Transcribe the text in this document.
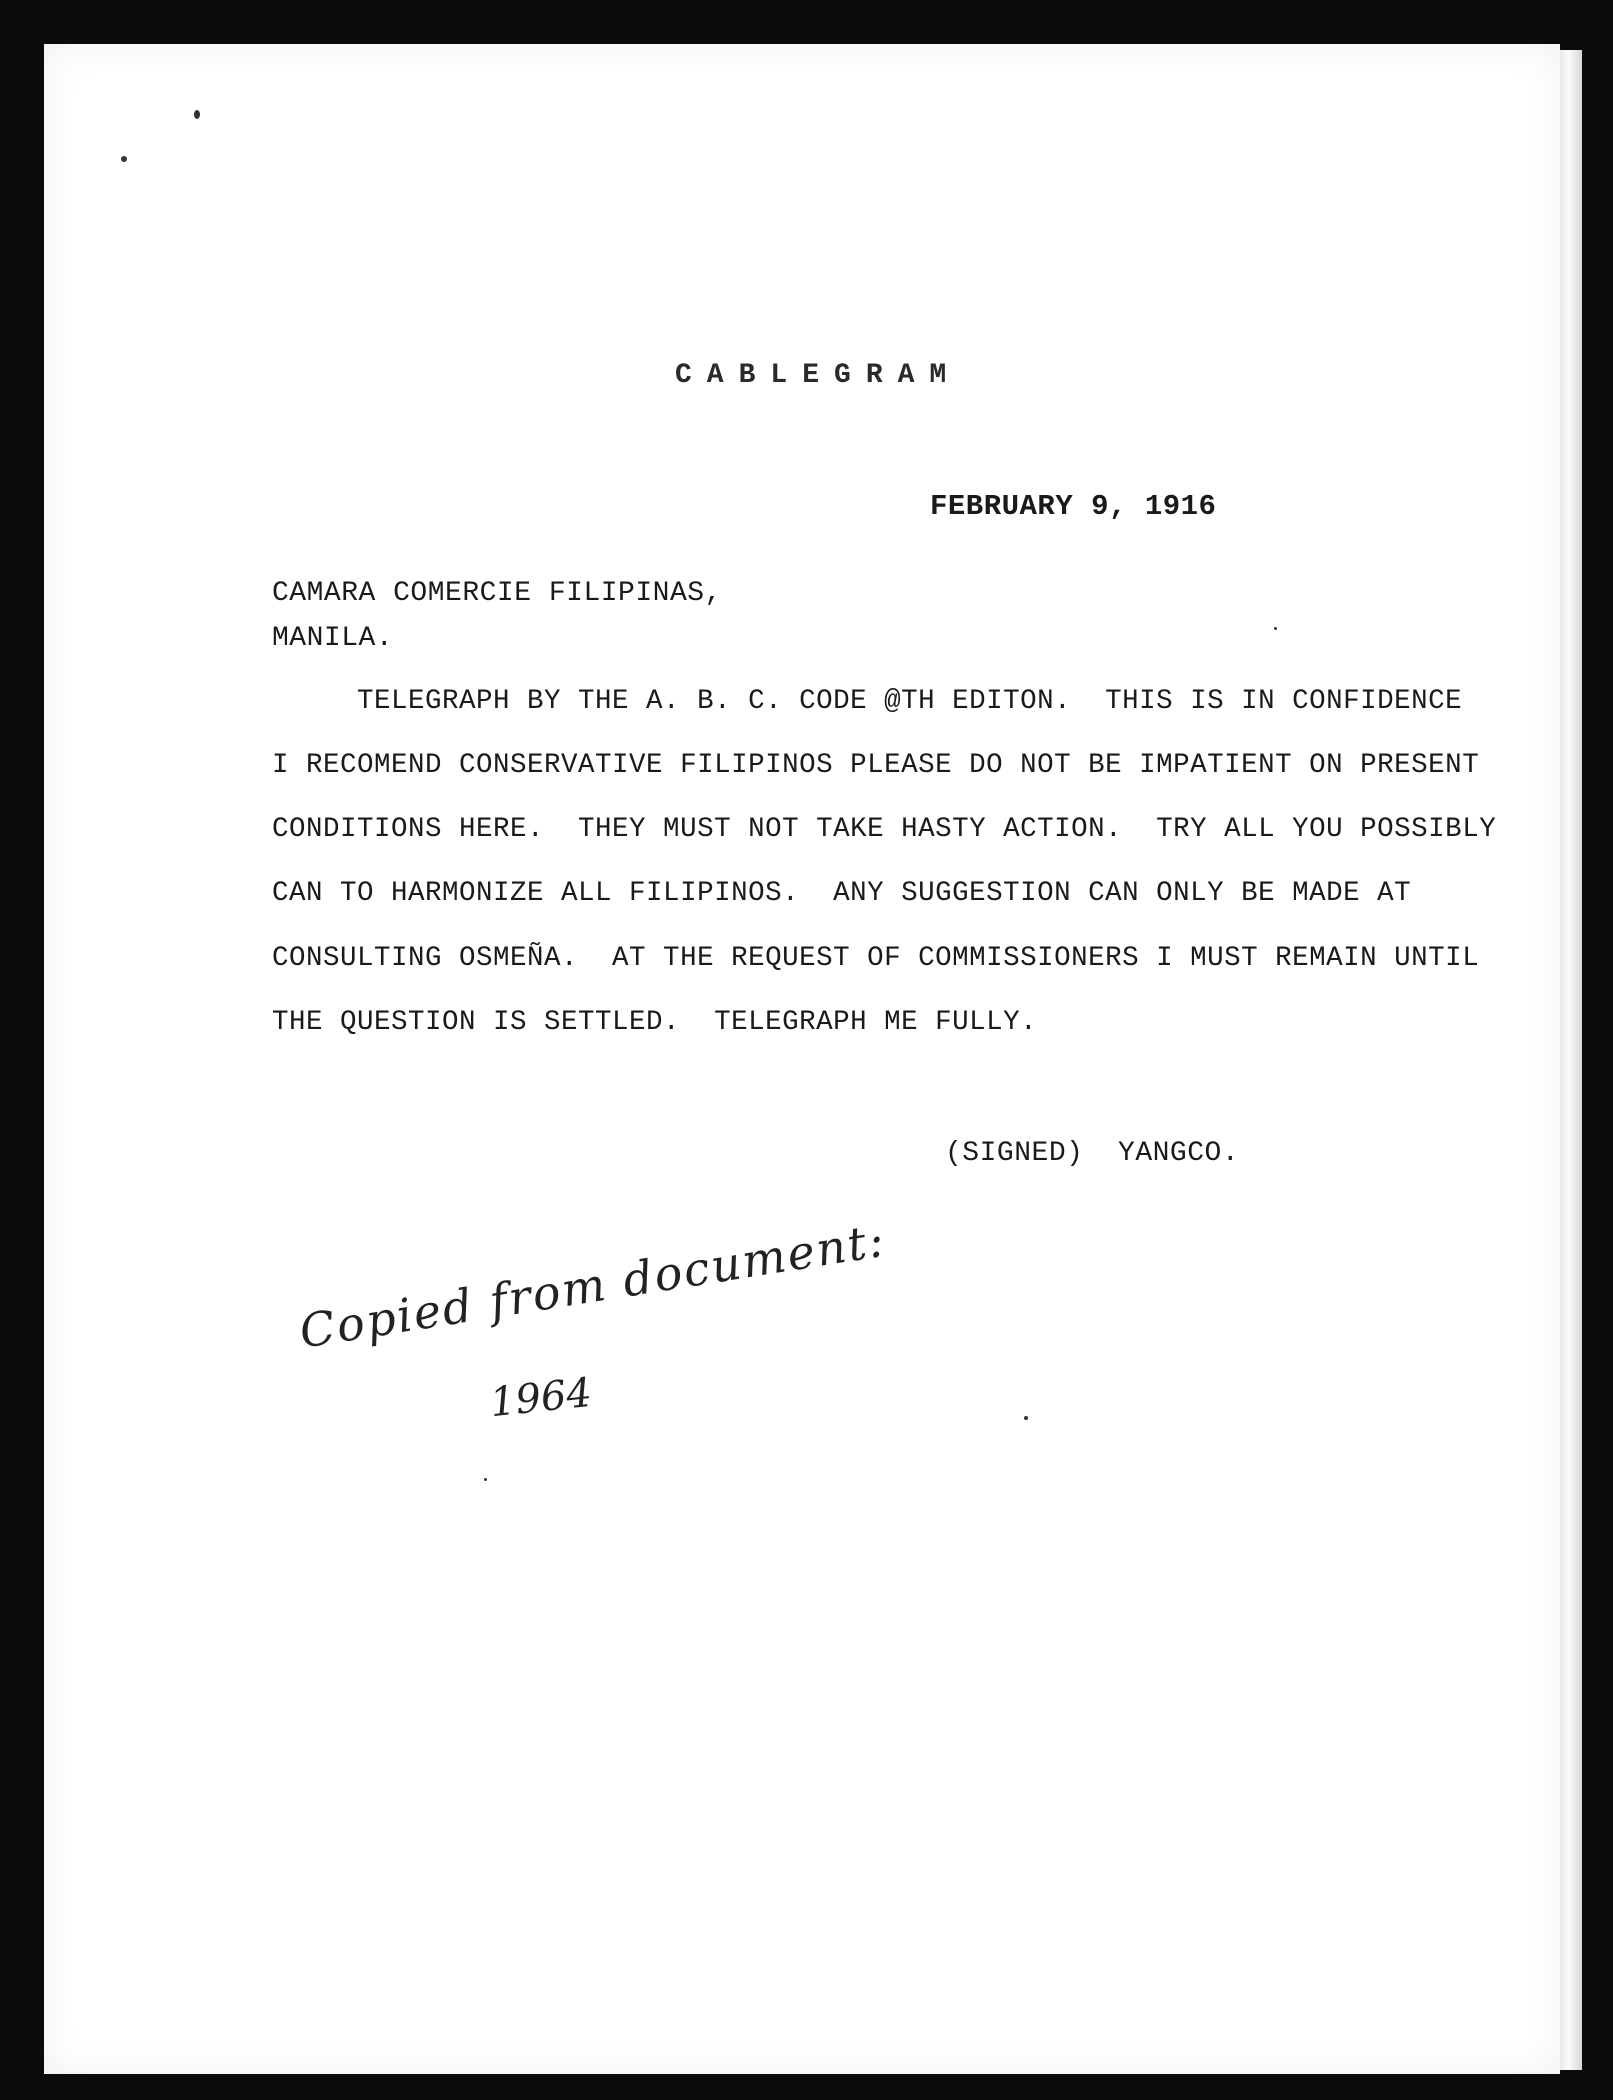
CABLEGRAM
FEBRUARY 9, 1916
CAMARA COMERCIE FILIPINAS,
MANILA.
TELEGRAPH BY THE A. B. C. CODE @TH EDITON.  THIS IS IN CONFIDENCE
I RECOMEND CONSERVATIVE FILIPINOS PLEASE DO NOT BE IMPATIENT ON PRESENT
CONDITIONS HERE.  THEY MUST NOT TAKE HASTY ACTION.  TRY ALL YOU POSSIBLY
CAN TO HARMONIZE ALL FILIPINOS.  ANY SUGGESTION CAN ONLY BE MADE AT
CONSULTING OSMEÑA.  AT THE REQUEST OF COMMISSIONERS I MUST REMAIN UNTIL
THE QUESTION IS SETTLED.  TELEGRAPH ME FULLY.
(SIGNED)  YANGCO.
Copied from document:
1964
